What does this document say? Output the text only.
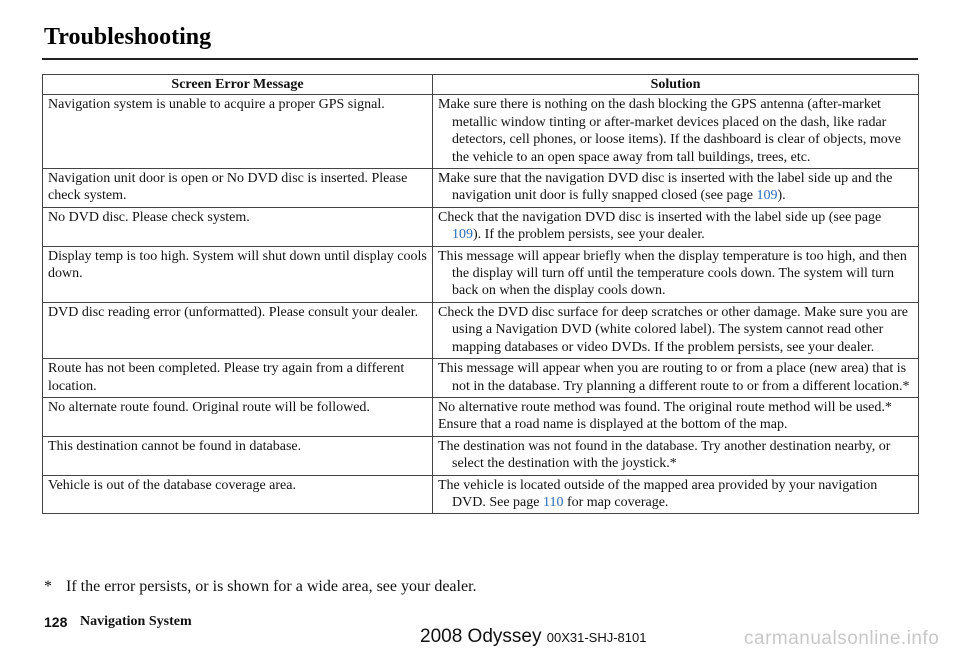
Troubleshooting
Screen Error Message	Solution
Navigation system is unable to acquire a proper GPS signal.	Make sure there is nothing on the dash blocking the GPS antenna (after-market metallic window tinting or after-market devices placed on the dash, like radar detectors, cell phones, or loose items). If the dashboard is clear of objects, move the vehicle to an open space away from tall buildings, trees, etc.

Navigation unit door is open or No DVD disc is inserted. Please check system.	Make sure that the navigation DVD disc is inserted with the label side up and the navigation unit door is fully snapped closed (see page 109).

No DVD disc. Please check system.	Check that the navigation DVD disc is inserted with the label side up (see page 109). If the problem persists, see your dealer.

Display temp is too high. System will shut down until display cools down.	This message will appear briefly when the display temperature is too high, and then the display will turn off until the temperature cools down. The system will turn back on when the display cools down.

DVD disc reading error (unformatted). Please consult your dealer.	Check the DVD disc surface for deep scratches or other damage. Make sure you are using a Navigation DVD (white colored label). The system cannot read other mapping databases or video DVDs. If the problem persists, see your dealer.

Route has not been completed. Please try again from a different location.	This message will appear when you are routing to or from a place (new area) that is not in the database. Try planning a different route to or from a different location.*

No alternate route found. Original route will be followed.	No alternative route method was found. The original route method will be used.*
Ensure that a road name is displayed at the bottom of the map.

This destination cannot be found in database.	The destination was not found in the database. Try another destination nearby, or select the destination with the joystick.*

Vehicle is out of the database coverage area.	The vehicle is located outside of the mapped area provided by your navigation DVD. See page 110 for map coverage.
* If the error persists, or is shown for a wide area, see your dealer.
128 Navigation System
2008 Odyssey 00X31-SHJ-8101	carmanualsonline.info
